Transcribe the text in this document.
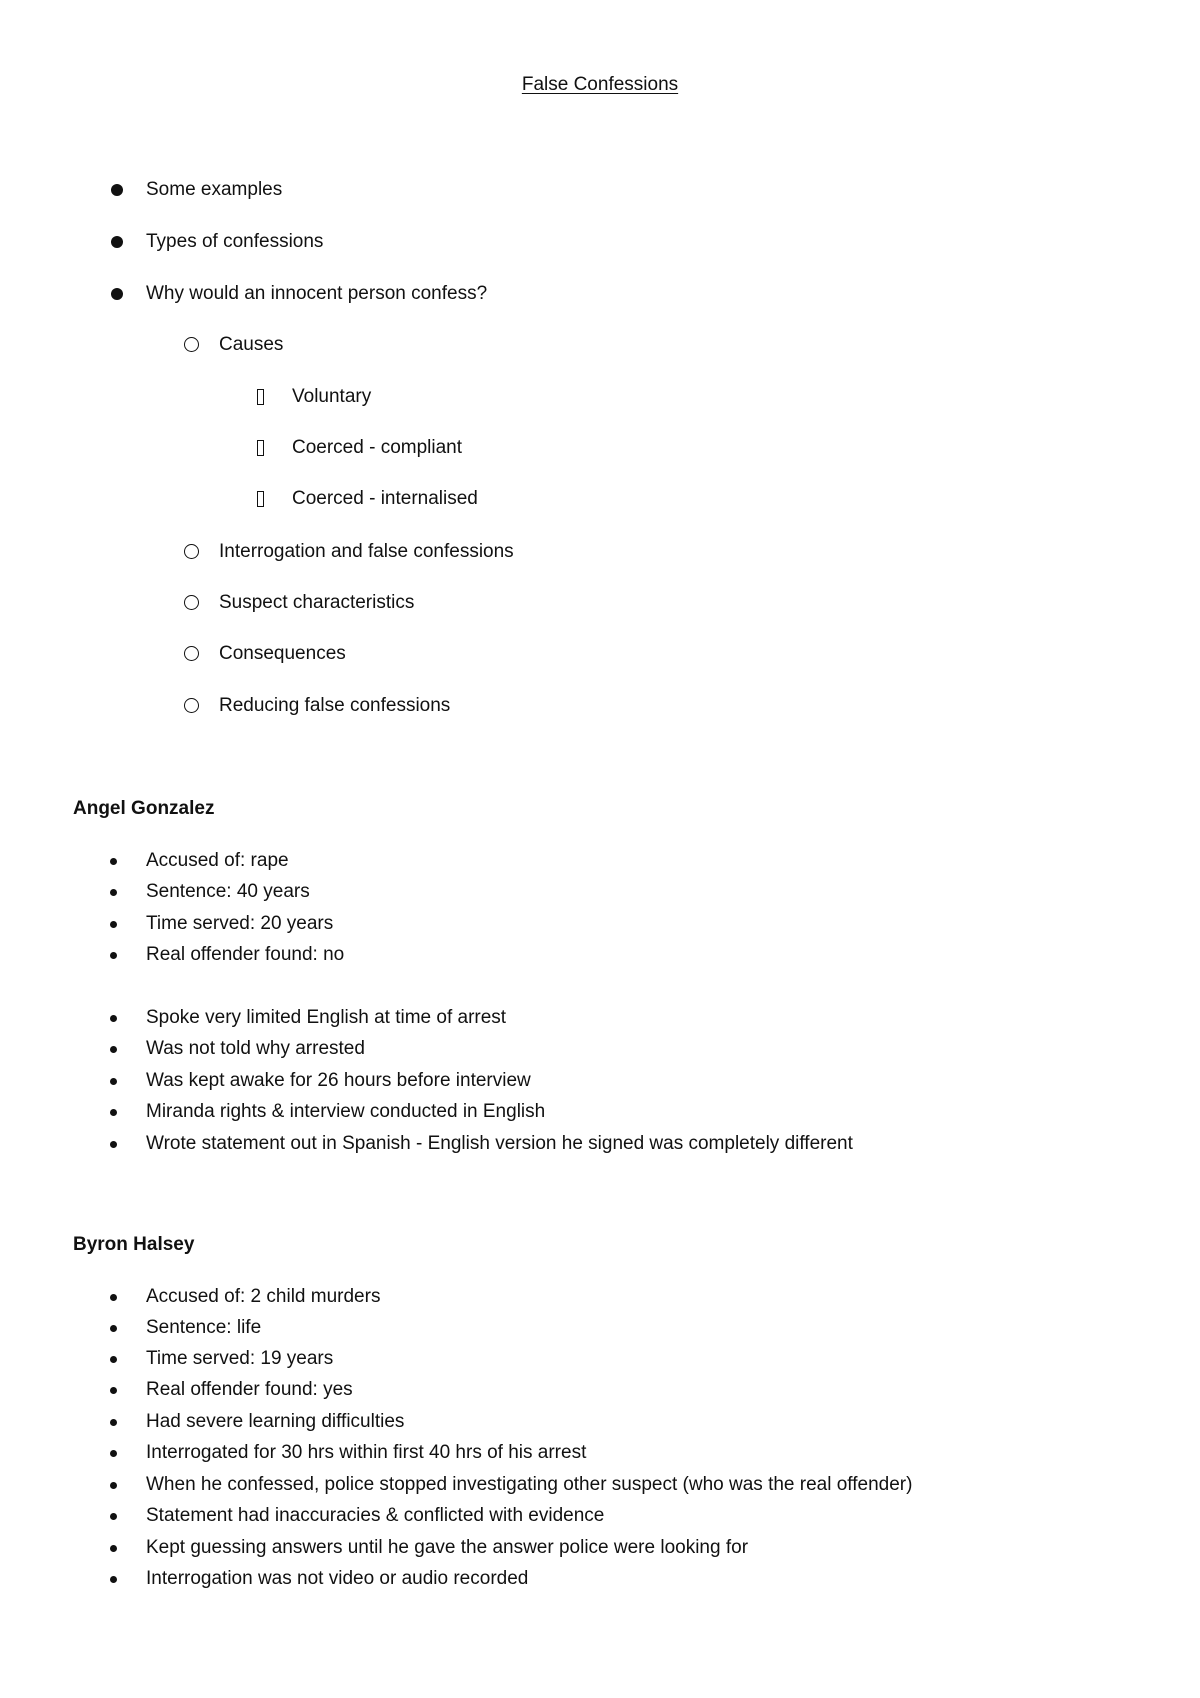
False Confessions
Some examples
Types of confessions
Why would an innocent person confess?
Causes
Voluntary
Coerced - compliant
Coerced - internalised
Interrogation and false confessions
Suspect characteristics
Consequences
Reducing false confessions
Angel Gonzalez
Accused of: rape
Sentence: 40 years
Time served: 20 years
Real offender found: no
Spoke very limited English at time of arrest
Was not told why arrested
Was kept awake for 26 hours before interview
Miranda rights & interview conducted in English
Wrote statement out in Spanish - English version he signed was completely different
Byron Halsey
Accused of: 2 child murders
Sentence: life
Time served: 19 years
Real offender found: yes
Had severe learning difficulties
Interrogated for 30 hrs within first 40 hrs of his arrest
When he confessed, police stopped investigating other suspect (who was the real offender)
Statement had inaccuracies & conflicted with evidence
Kept guessing answers until he gave the answer police were looking for
Interrogation was not video or audio recorded
